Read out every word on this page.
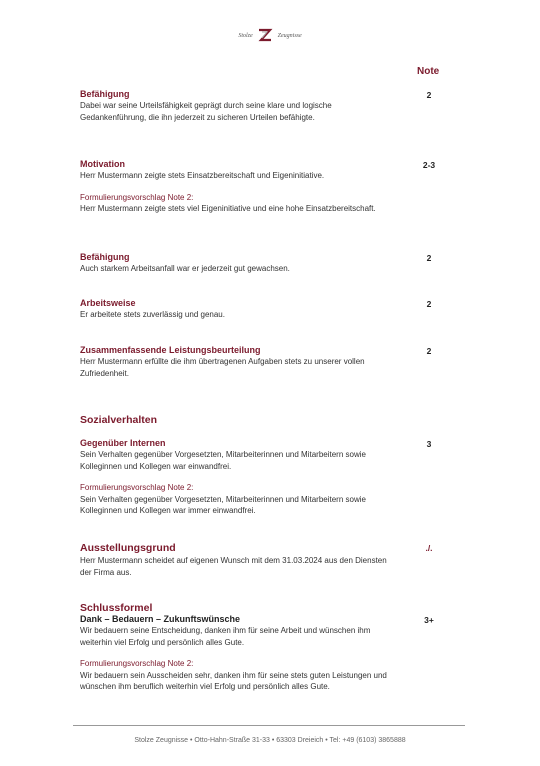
Stolze	Zeugnisse
Note
Befähigung
Dabei war seine Urteilsfähigkeit geprägt durch seine klare und logische Gedankenführung, die ihn jederzeit zu sicheren Urteilen befähigte.
2
Motivation
Herr Mustermann zeigte stets Einsatzbereitschaft und Eigeninitiative.
Formulierungsvorschlag Note 2:
Herr Mustermann zeigte stets viel Eigeninitiative und eine hohe Einsatzbereitschaft.
2-3
Befähigung
Auch starkem Arbeitsanfall war er jederzeit gut gewachsen.
2
Arbeitsweise
Er arbeitete stets zuverlässig und genau.
2
Zusammenfassende Leistungsbeurteilung
Herr Mustermann erfüllte die ihm übertragenen Aufgaben stets zu unserer vollen Zufriedenheit.
2
Sozialverhalten
Gegenüber Internen
Sein Verhalten gegenüber Vorgesetzten, Mitarbeiterinnen und Mitarbeitern sowie Kolleginnen und Kollegen war einwandfrei.
Formulierungsvorschlag Note 2:
Sein Verhalten gegenüber Vorgesetzten, Mitarbeiterinnen und Mitarbeitern sowie Kolleginnen und Kollegen war immer einwandfrei.
3
Ausstellungsgrund
Herr Mustermann scheidet auf eigenen Wunsch mit dem 31.03.2024 aus den Diensten der Firma aus.
./.
Schlussformel
Dank – Bedauern – Zukunftswünsche
Wir bedauern seine Entscheidung, danken ihm für seine Arbeit und wünschen ihm weiterhin viel Erfolg und persönlich alles Gute.
Formulierungsvorschlag Note 2:
Wir bedauern sein Ausscheiden sehr, danken ihm für seine stets guten Leistungen und wünschen ihm beruflich weiterhin viel Erfolg und persönlich alles Gute.
3+
Stolze Zeugnisse • Otto-Hahn-Straße 31-33 • 63303 Dreieich • Tel: +49 (6103) 3865888
